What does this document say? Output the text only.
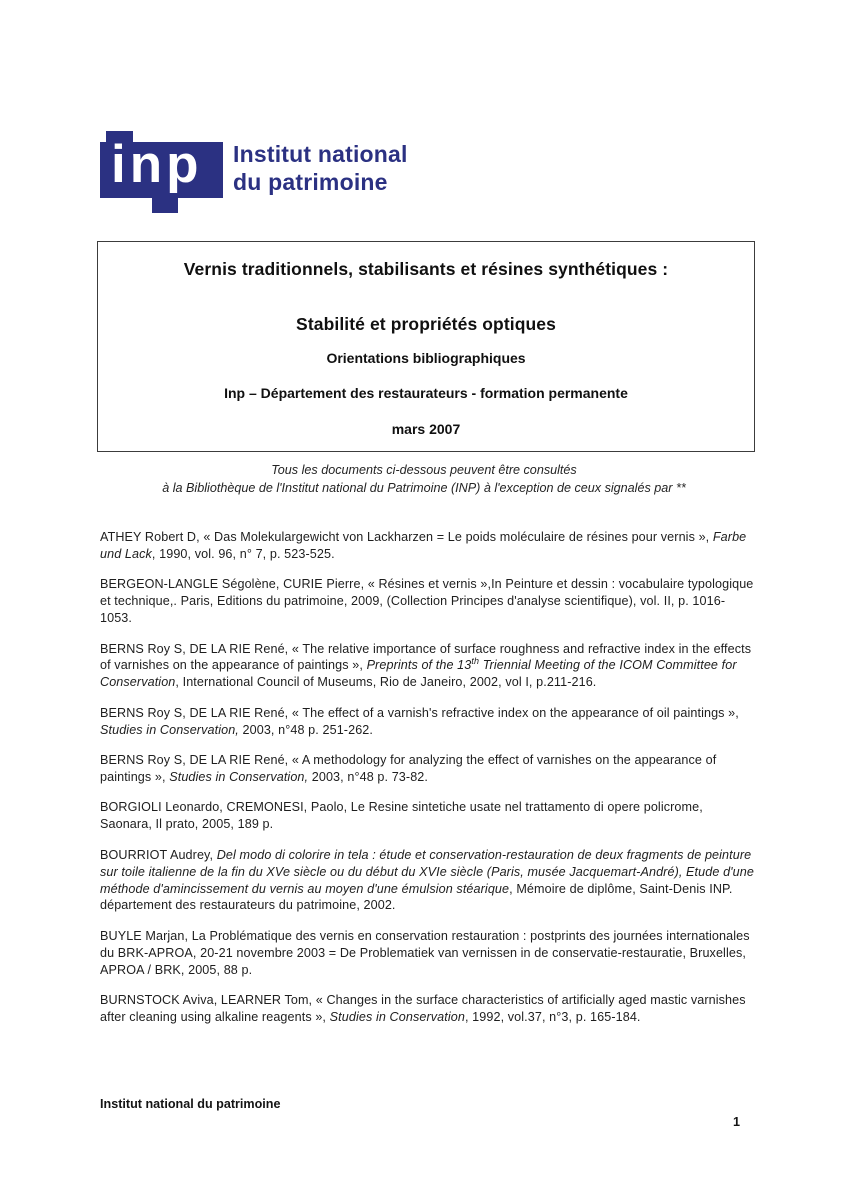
inp Institut national
du patrimoine
Vernis traditionnels, stabilisants et résines synthétiques :
Stabilité et propriétés optiques
Orientations bibliographiques
Inp – Département des restaurateurs - formation permanente
mars 2007
Tous les documents ci-dessous peuvent être consultés
à la Bibliothèque de l'Institut national du Patrimoine (INP) à l'exception de ceux signalés par **

ATHEY Robert D, « Das Molekulargewicht von Lackharzen = Le poids moléculaire de résines pour vernis », Farbe und Lack, 1990, vol. 96, n° 7, p. 523-525.

BERGEON-LANGLE Ségolène, CURIE Pierre, « Résines et vernis »,In Peinture et dessin : vocabulaire typologique et technique,. Paris, Editions du patrimoine, 2009, (Collection Principes d'analyse scientifique), vol. II, p. 1016-1053.

BERNS Roy S, DE LA RIE René, « The relative importance of surface roughness and refractive index in the effects of varnishes on the appearance of paintings », Preprints of the 13th Triennial Meeting of the ICOM Committee for Conservation, International Council of Museums, Rio de Janeiro, 2002, vol I, p.211-216.

BERNS Roy S, DE LA RIE René, « The effect of a varnish's refractive index on the appearance of oil paintings », Studies in Conservation, 2003, n°48 p. 251-262.

BERNS Roy S, DE LA RIE René, « A methodology for analyzing the effect of varnishes on the appearance of paintings », Studies in Conservation, 2003, n°48 p. 73-82.

BORGIOLI Leonardo, CREMONESI, Paolo, Le Resine sintetiche usate nel trattamento di opere policrome, Saonara, Il prato, 2005, 189 p.

BOURRIOT Audrey, Del modo di colorire in tela : étude et conservation-restauration de deux fragments de peinture sur toile italienne de la fin du XVe siècle ou du début du XVIe siècle (Paris, musée Jacquemart-André), Etude d'une méthode d'amincissement du vernis au moyen d'une émulsion stéarique, Mémoire de diplôme, Saint-Denis INP. département des restaurateurs du patrimoine, 2002.

BUYLE Marjan, La Problématique des vernis en conservation restauration : postprints des journées internationales du BRK-APROA, 20-21 novembre 2003 = De Problematiek van vernissen in de conservatie-restauratie, Bruxelles, APROA / BRK, 2005, 88 p.

BURNSTOCK Aviva, LEARNER Tom, « Changes in the surface characteristics of artificially aged mastic varnishes after cleaning using alkaline reagents », Studies in Conservation, 1992, vol.37, n°3, p. 165-184.

Institut national du patrimoine
1
